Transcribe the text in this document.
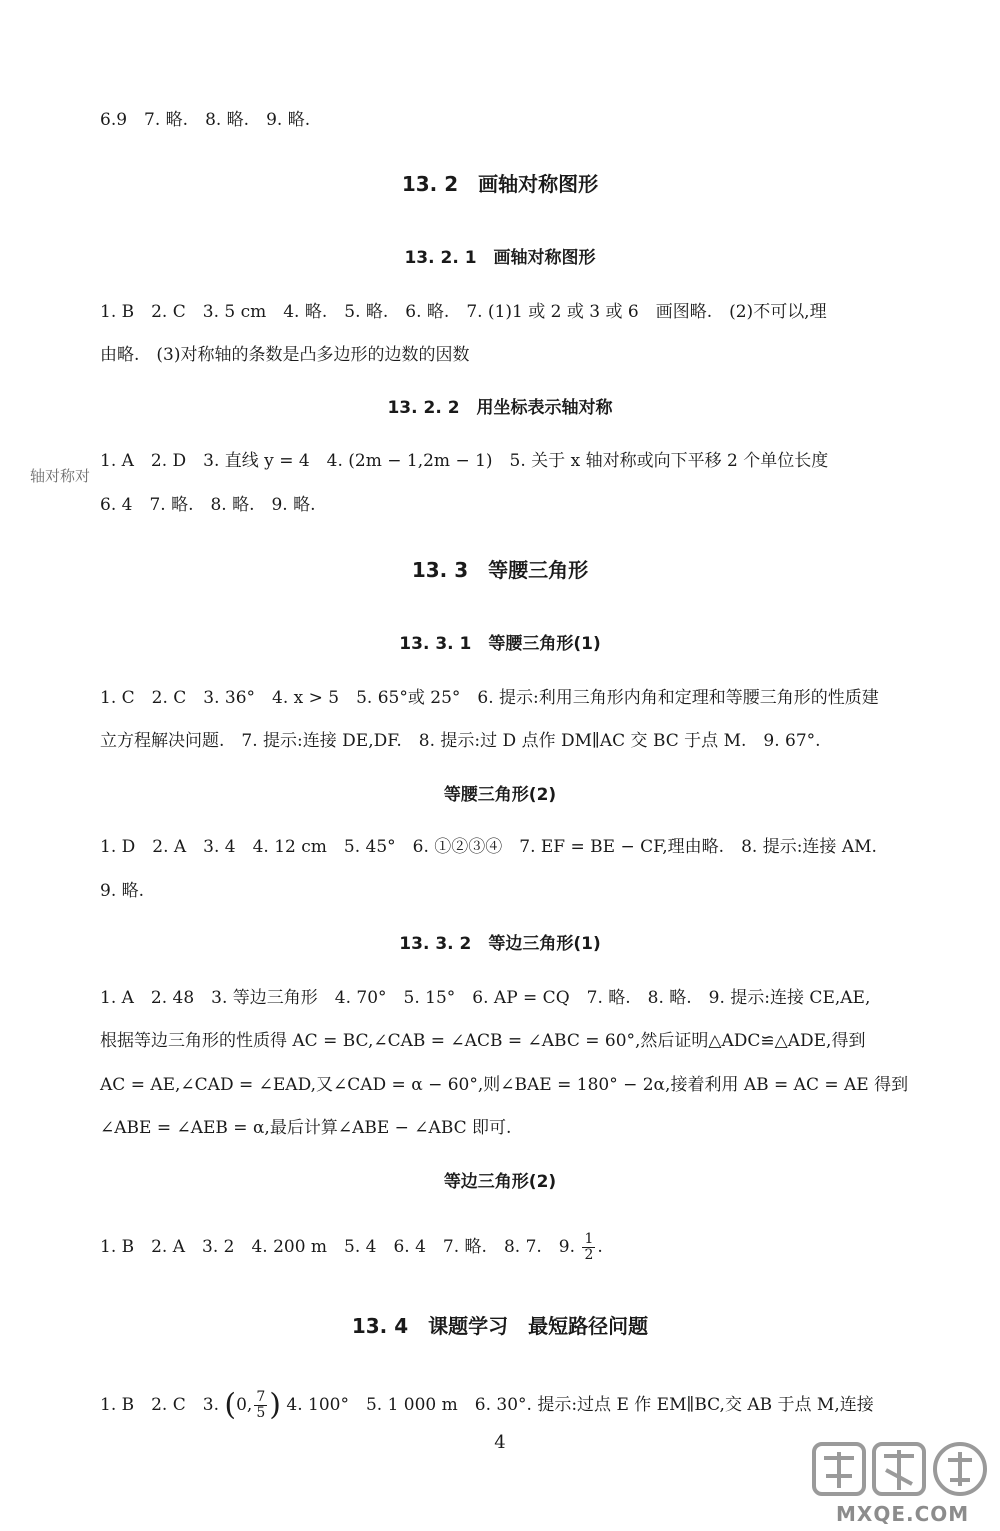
6.9　7. 略.　8. 略.　9. 略.
13. 2　画轴对称图形
13. 2. 1　画轴对称图形
1. B　2. C　3. 5 cm　4. 略.　5. 略.　6. 略.　7. (1)1 或 2 或 3 或 6　画图略.　(2)不可以,理
由略.　(3)对称轴的条数是凸多边形的边数的因数
13. 2. 2　用坐标表示轴对称
1. A　2. D　3. 直线 y = 4　4. (2m − 1,2m − 1)　5. 关于 x 轴对称或向下平移 2 个单位长度
轴对称对
6. 4　7. 略.　8. 略.　9. 略.
13. 3　等腰三角形
13. 3. 1　等腰三角形(1)
1. C　2. C　3. 36°　4. x > 5　5. 65°或 25°　6. 提示:利用三角形内角和定理和等腰三角形的性质建
立方程解决问题.　7. 提示:连接 DE,DF.　8. 提示:过 D 点作 DM∥AC 交 BC 于点 M.　9. 67°.
等腰三角形(2)
1. D　2. A　3. 4　4. 12 cm　5. 45°　6. ①②③④　7. EF = BE − CF,理由略.　8. 提示:连接 AM.
9. 略.
13. 3. 2　等边三角形(1)
1. A　2. 48　3. 等边三角形　4. 70°　5. 15°　6. AP = CQ　7. 略.　8. 略.　9. 提示:连接 CE,AE,
根据等边三角形的性质得 AC = BC,∠CAB = ∠ACB = ∠ABC = 60°,然后证明△ADC≌△ADE,得到
AC = AE,∠CAD = ∠EAD,又∠CAD = α − 60°,则∠BAE = 180° − 2α,接着利用 AB = AC = AE 得到
∠ABE = ∠AEB = α,最后计算∠ABE − ∠ABC 即可.
等边三角形(2)
1. B　2. A　3. 2　4. 200 m　5. 4　6. 4　7. 略.　8. 7.　9. $\frac{1}{2}$ .
13. 4　课题学习　最短路径问题
1. B　2. C　3. (0, $\frac{7}{5}$ ) 4. 100°　5. 1 000 m　6. 30°. 提示:过点 E 作 EM∥BC,交 AB 于点 M,连接
4
MXQE.COM
